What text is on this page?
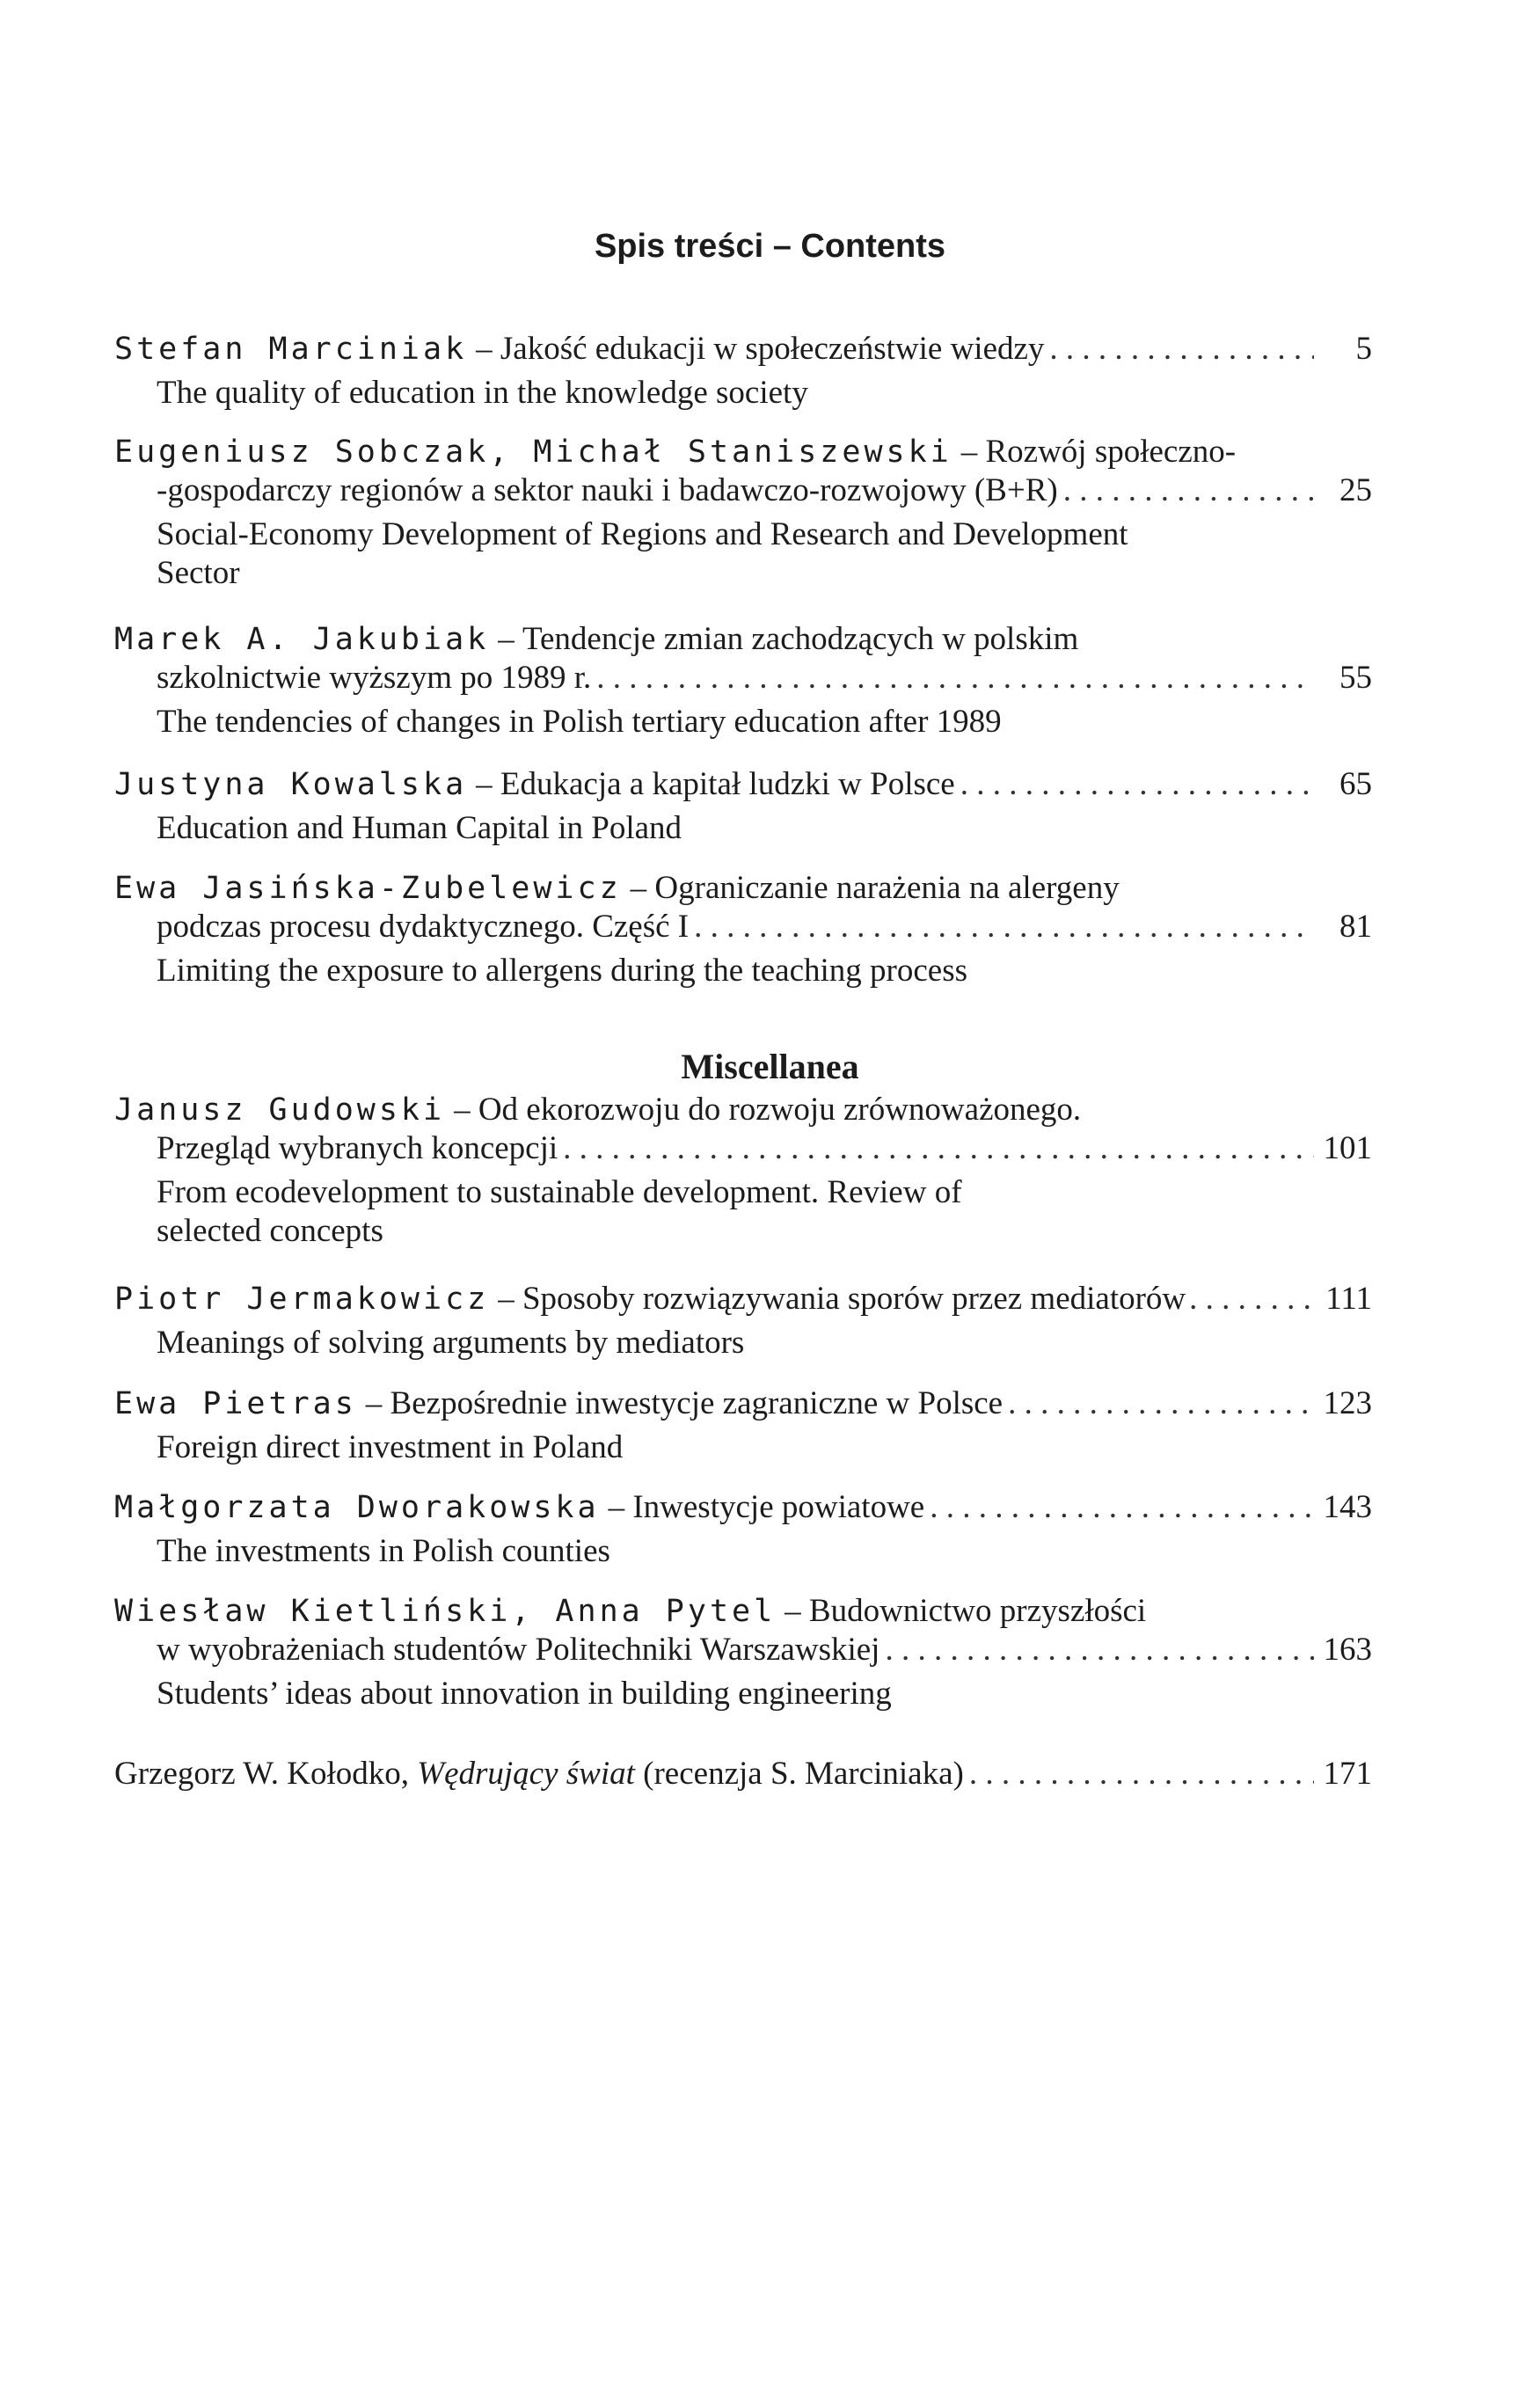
Spis treści – Contents
Stefan Marciniak – Jakość edukacji w społeczeństwie wiedzy . . .	5
The quality of education in the knowledge society
Eugeniusz Sobczak, Michał Staniszewski – Rozwój społeczno-
-gospodarczy regionów a sektor nauki i badawczo-rozwojowy (B+R) . . .	25
Social-Economy Development of Regions and Research and Development
Sector
Marek A. Jakubiak – Tendencje zmian zachodzących w polskim
szkolnictwie wyższym po 1989 r. . . .	55
The tendencies of changes in Polish tertiary education after 1989
Justyna Kowalska – Edukacja a kapitał ludzki w Polsce . . .	65
Education and Human Capital in Poland
Ewa Jasińska-Zubelewicz – Ograniczanie narażenia na alergeny
podczas procesu dydaktycznego. Część I . . .	81
Limiting the exposure to allergens during the teaching process
Miscellanea
Janusz Gudowski – Od ekorozwoju do rozwoju zrównoważonego.
Przegląd wybranych koncepcji . . .	101
From ecodevelopment to sustainable development. Review of
selected concepts
Piotr Jermakowicz – Sposoby rozwiązywania sporów przez mediatorów . . .	111
Meanings of solving arguments by mediators
Ewa Pietras – Bezpośrednie inwestycje zagraniczne w Polsce . . .	123
Foreign direct investment in Poland
Małgorzata Dworakowska – Inwestycje powiatowe . . .	143
The investments in Polish counties
Wiesław Kietliński, Anna Pytel – Budownictwo przyszłości
w wyobrażeniach studentów Politechniki Warszawskiej . . .	163
Students’ ideas about innovation in building engineering
Grzegorz W. Kołodko, Wędrujący świat (recenzja S. Marciniaka) . . .	171
